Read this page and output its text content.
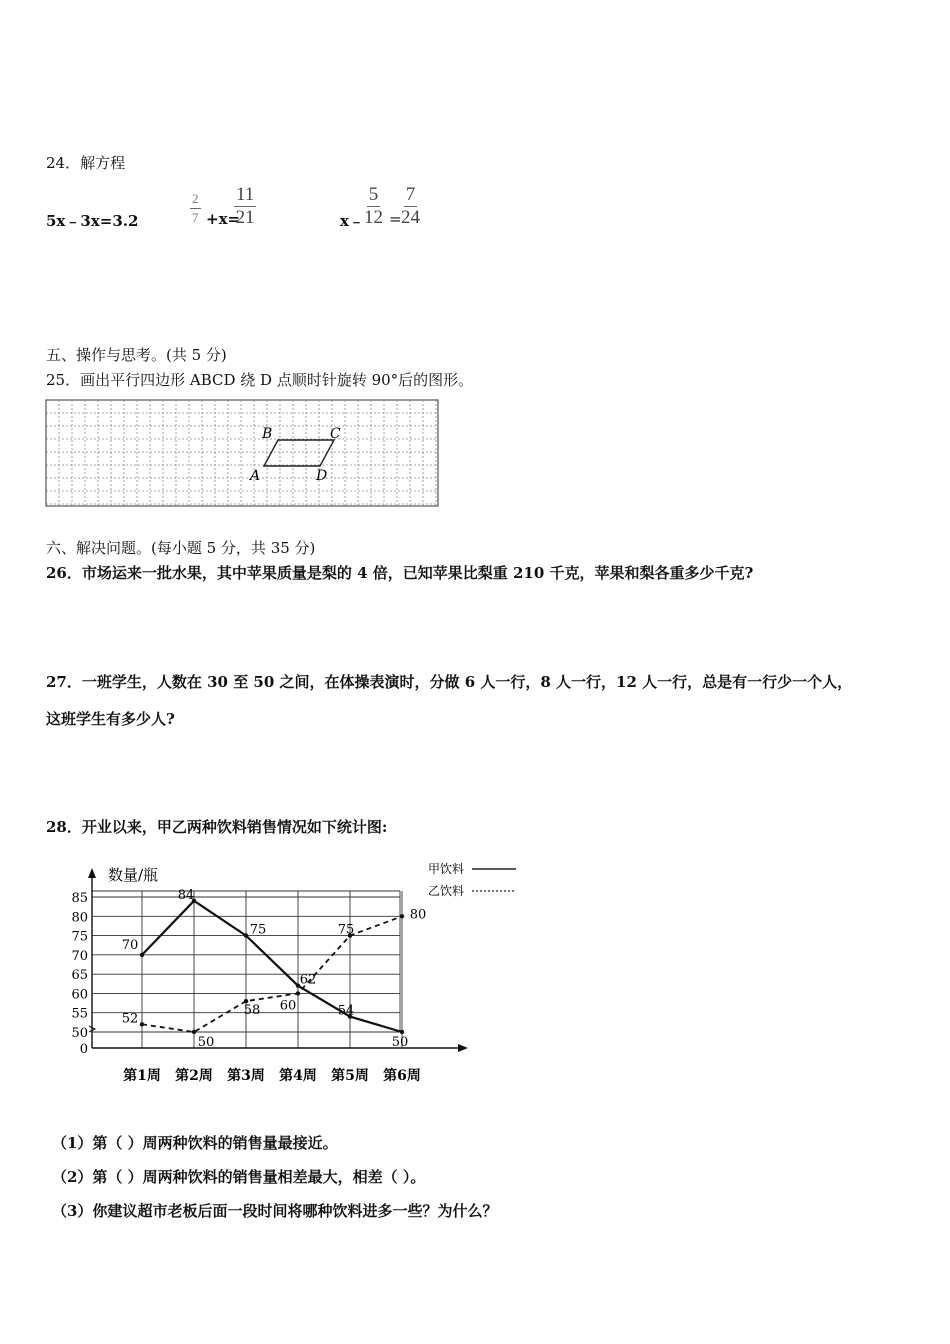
24．解方程
5x﹣3x=3.2	$\frac{2}{7} +x=$
$\frac{11}{21}$	x﹣ $\frac{5}{12} = \frac{7}{24}$
五、操作与思考。(共 5 分)
25．画出平行四边形 ABCD 绕 D 点顺时针旋转 90°后的图形。
B	C
A	D
六、解决问题。(每小题 5 分，共 35 分)
26．市场运来一批水果，其中苹果质量是梨的 4 倍，已知苹果比梨重 210 千克，苹果和梨各重多少千克?
27．一班学生，人数在 30 至 50 之间，在体操表演时，分做 6 人一行，8 人一行，12 人一行，总是有一行少一个人，
这班学生有多少人?
28．开业以来，甲乙两种饮料销售情况如下统计图:
0
50
55
60
65
70
75
80
85
第1周 第2周 第3周 第4周 第5周 第6周
70
84
75
62
54
50
52
50
58 60
75
80
数量/瓶	甲饮料
乙饮料
（1）第（ ）周两种饮料的销售量最接近。
（2）第（ ）周两种饮料的销售量相差最大，相差（ ）。
（3）你建议超市老板后面一段时间将哪种饮料进多一些？为什么？
